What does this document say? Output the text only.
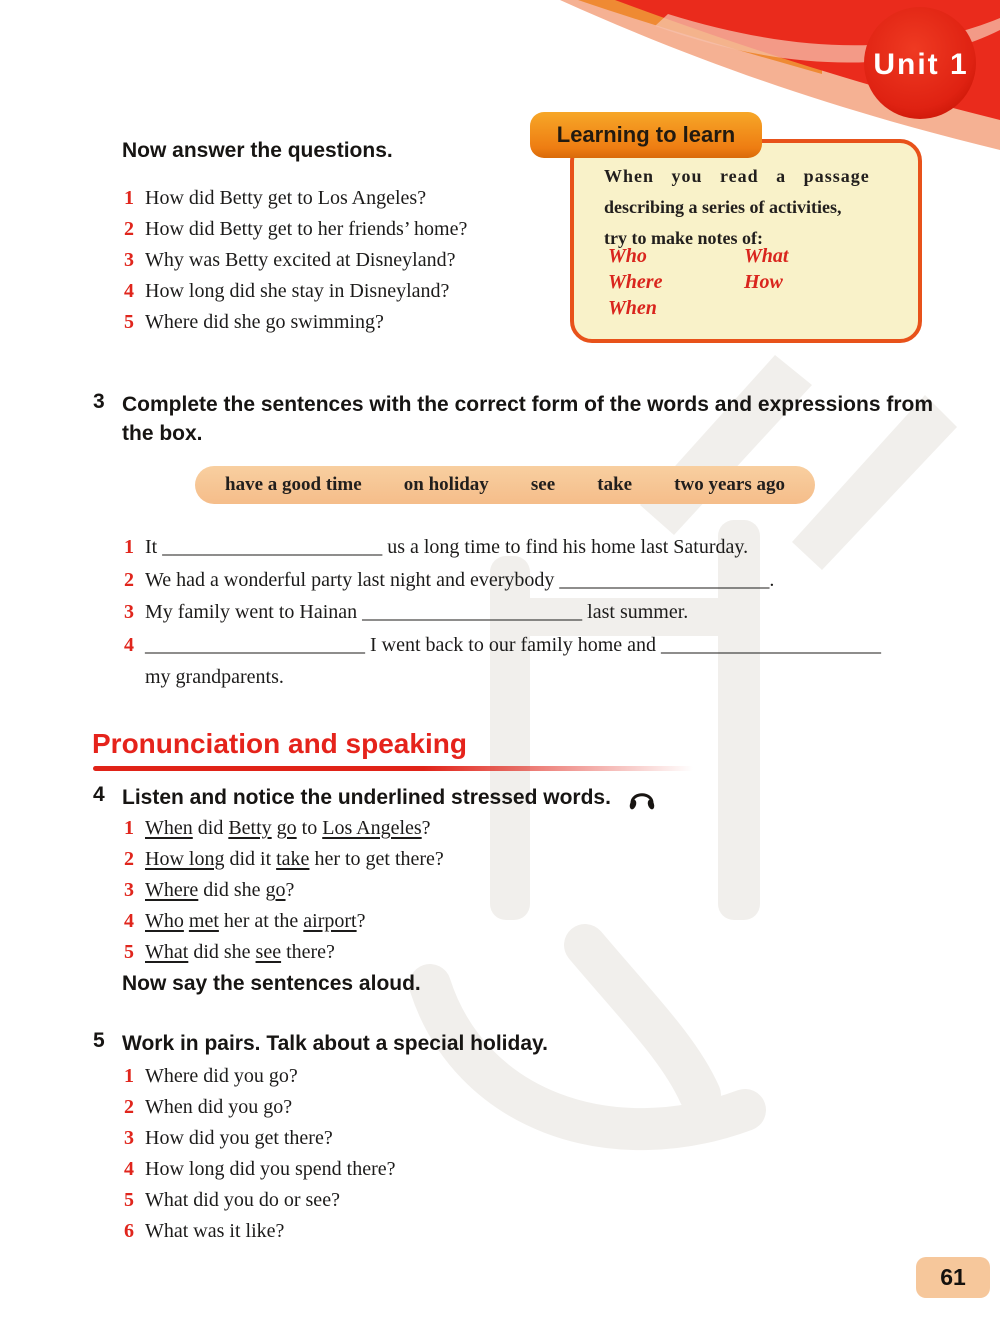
Unit 1
Now answer the questions.
1 How did Betty get to Los Angeles?
2 How did Betty get to her friends’ home?
3 Why was Betty excited at Disneyland?
4 How long did she stay in Disneyland?
5 Where did she go swimming?
When you read a passage
describing a series of activities,
try to make notes of:
Who
Where
When
What
How
Learning to learn
3 Complete the sentences with the correct form of the words and expressions from the box.
have a good time on holiday see take two years ago
1 It ______________________ us a long time to find his home last Saturday.
2 We had a wonderful party last night and everybody _____________________.
3 My family went to Hainan ______________________ last summer.
4 ______________________ I went back to our family home and ______________________
my grandparents.
Pronunciation and speaking
4 Listen and notice the underlined stressed words.
1 When did Betty go to Los Angeles?
2 How long did it take her to get there?
3 Where did she go?
4 Who met her at the airport?
5 What did she see there?
Now say the sentences aloud.
5 Work in pairs. Talk about a special holiday.
1 Where did you go?
2 When did you go?
3 How did you get there?
4 How long did you spend there?
5 What did you do or see?
6 What was it like?
61
